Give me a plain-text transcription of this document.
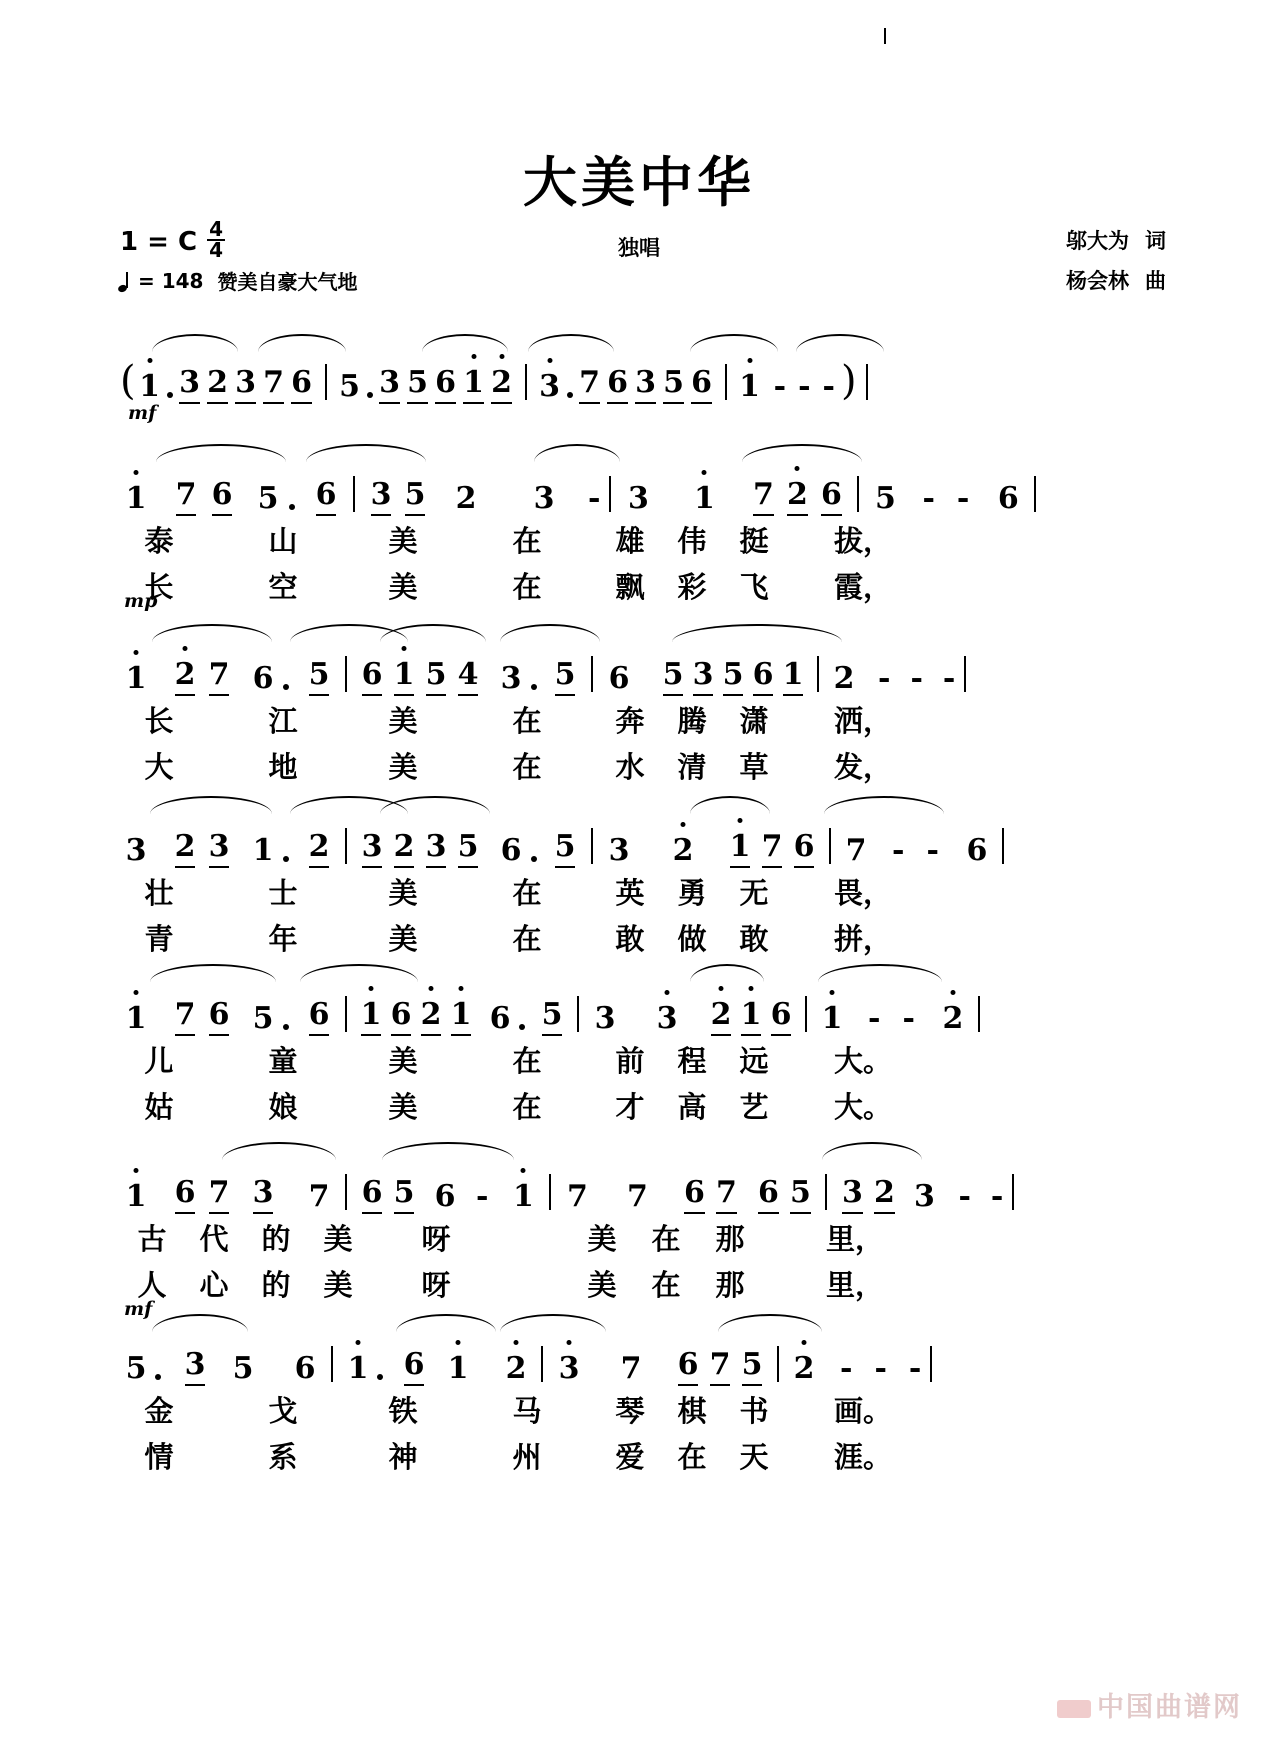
大美中华
独唱
1 = C $\frac{4}{4}$
= 148 赞美自豪大气地
邬大为 词
杨会林 曲
( 1 3 2 3 7 6 5 3 5 6 1 2 3 7 6 3 5 6 1 - - - )
mf
1 7 6 5 6 3 5	2	3	- 3 1 7 2 6 5 - - 6
泰	山	美	在	雄	伟	挺	拔，
长	空	美	在	飘	彩	飞	霞，
mp
1 2 7 6 5 6 1 5 4 3 5 6 5 3 5 6 1 2 - - -
长	江	美	在	奔	腾	潇	洒，
大	地	美	在	水	清	草	发，
3 2 3 1 2 3 2 3 5 6 5 3 2 1 7 6 7 - - 6
壮	士	美	在	英	勇	无	畏，
青	年	美	在	敢	做	敢	拼，
1 7 6 5 6 1 6 2 1 6 5 3 3 2 1 6 1 - - 2
儿	童	美	在	前	程	远	大。
姑	娘	美	在	才	高	艺	大。
1 6 7 3 7 6 5 6 - 1 7 7 6 7 6 5 3 2 3 - -
古	代	的	美	呀	美	在	那	里，
人	心	的	美	呀	美	在	那	里，
mf
5 3 5 6 1 6 1 2 3 7 6 7 5 2 - - -
金	戈	铁	马	琴	棋	书	画。
情	系	神	州	爱	在	天	涯。
中国曲谱网
